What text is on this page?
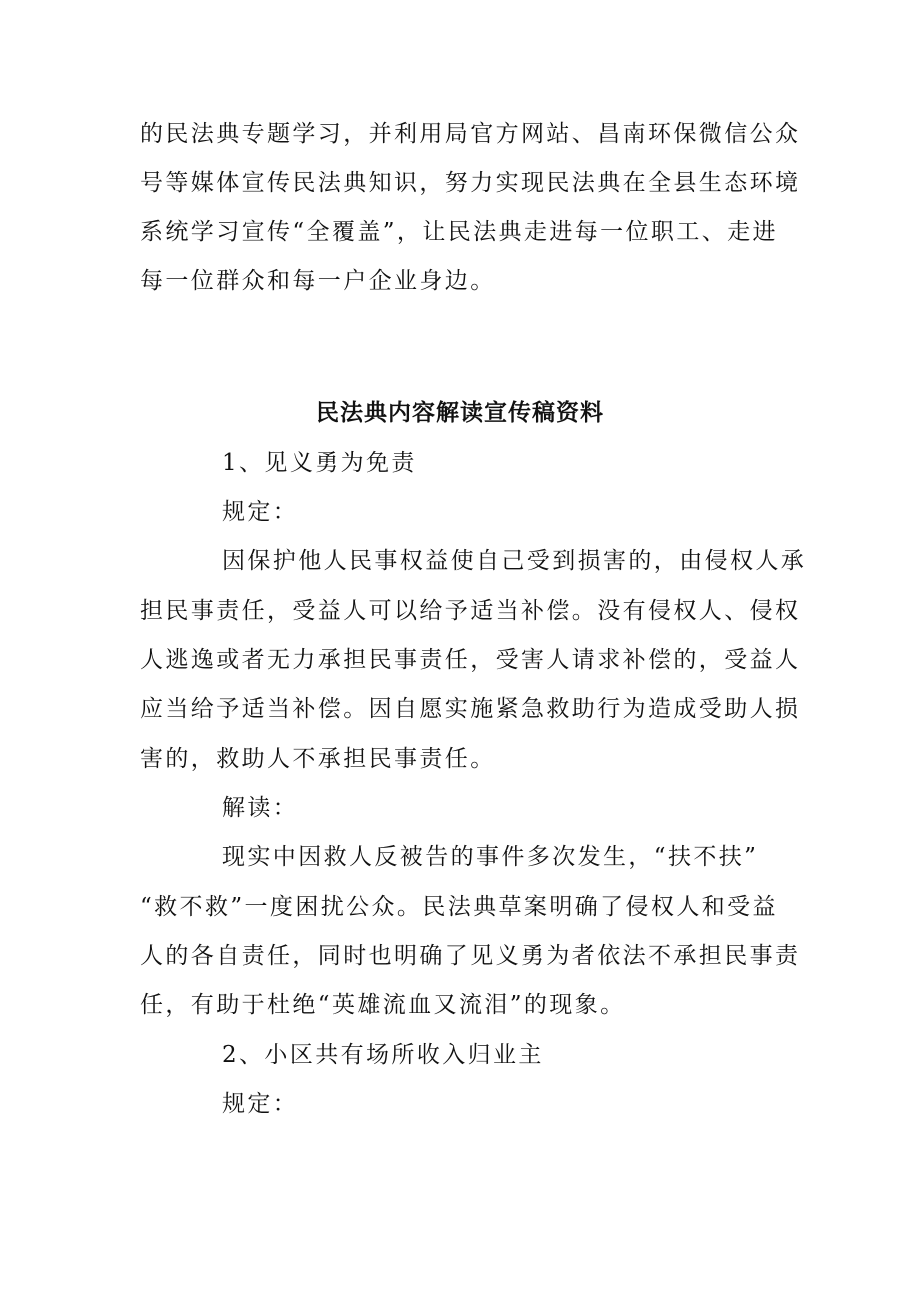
的民法典专题学习，并利用局官方网站、昌南环保微信公众
号等媒体宣传民法典知识，努力实现民法典在全县生态环境
系统学习宣传“全覆盖”，让民法典走进每一位职工、走进
每一位群众和每一户企业身边。
民法典内容解读宣传稿资料
1、见义勇为免责
规定：
因保护他人民事权益使自己受到损害的，由侵权人承
担民事责任，受益人可以给予适当补偿。没有侵权人、侵权
人逃逸或者无力承担民事责任，受害人请求补偿的，受益人
应当给予适当补偿。因自愿实施紧急救助行为造成受助人损
害的，救助人不承担民事责任。
解读：
现实中因救人反被告的事件多次发生，“扶不扶”
“救不救”一度困扰公众。民法典草案明确了侵权人和受益
人的各自责任，同时也明确了见义勇为者依法不承担民事责
任，有助于杜绝“英雄流血又流泪”的现象。
2、小区共有场所收入归业主
规定：
